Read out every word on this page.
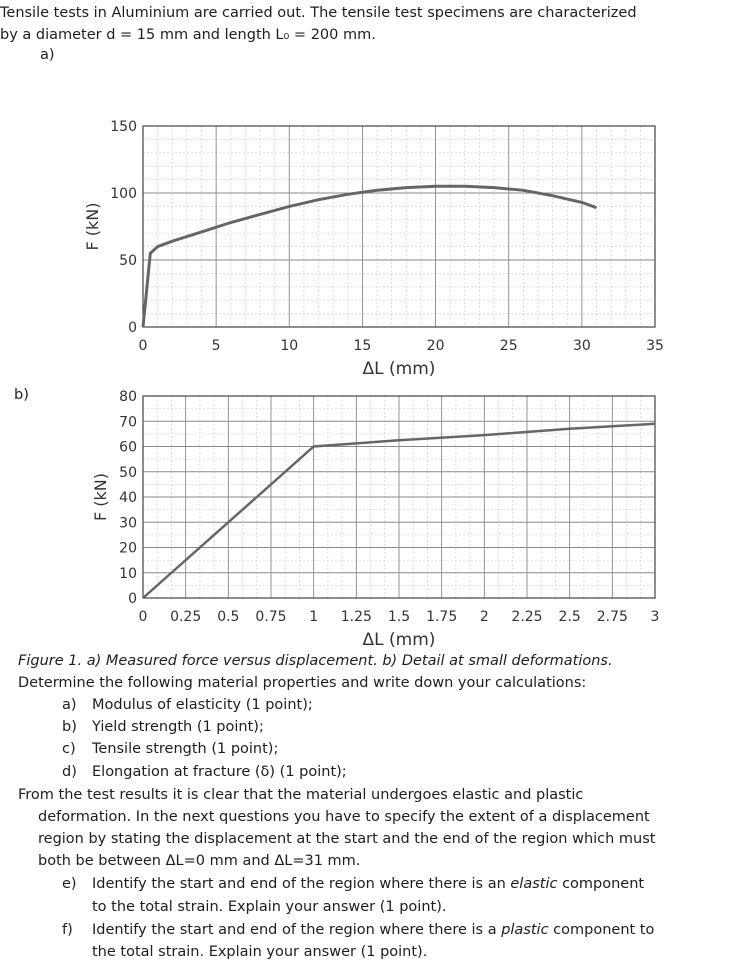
Tensile tests in Aluminium are carried out. The tensile test specimens are characterized
by a diameter d = 15 mm and length L₀ = 200 mm.
a)
b)
0	5	10	15	20	25	30	35
0
50
100
150
ΔL (mm)
F (kN)
0 0.25 0.5 0.75 1 1.25 1.5 1.75 2 2.25 2.5 2.75 3
0
10
20
30
40
50
60
70
80
ΔL (mm)
F (kN)
Figure 1. a) Measured force versus displacement. b) Detail at small deformations.
Determine the following material properties and write down your calculations:
a) Modulus of elasticity (1 point);
b) Yield strength (1 point);
c) Tensile strength (1 point);
d) Elongation at fracture (δ) (1 point);
From the test results it is clear that the material undergoes elastic and plastic
deformation. In the next questions you have to specify the extent of a displacement
region by stating the displacement at the start and the end of the region which must
both be between ΔL=0 mm and ΔL=31 mm.
e) Identify the start and end of the region where there is an elastic component
to the total strain. Explain your answer (1 point).
f) Identify the start and end of the region where there is a plastic component to
the total strain. Explain your answer (1 point).
